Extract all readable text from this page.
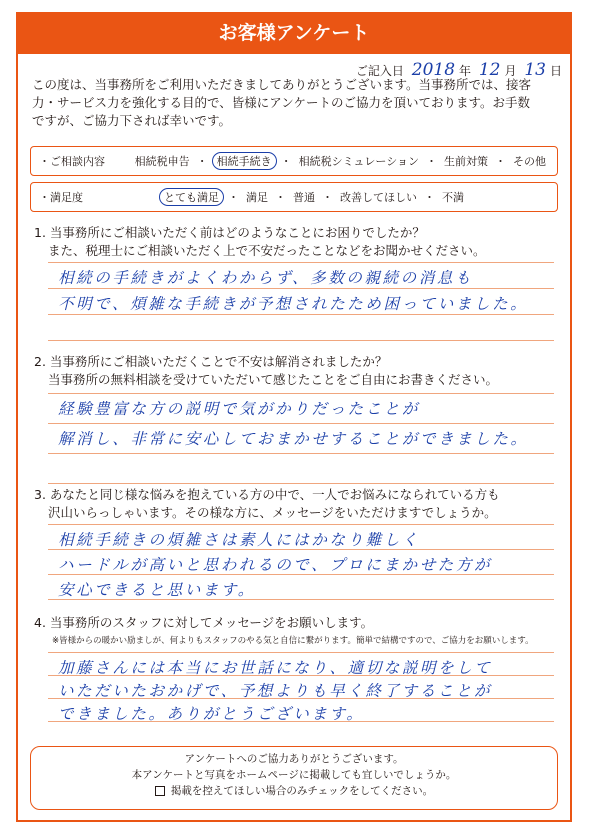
お客様アンケート
ご記入日 2018 年 12 月 13 日
この度は、当事務所をご利用いただきましてありがとうございます。当事務所では、接客
力・サービス力を強化する目的で、皆様にアンケートのご協力を頂いております。お手数
ですが、ご協力下されば幸いです。
・ご相談内容	相続税申告 ・ 相続手続き ・ 相続税シミュレーション ・ 生前対策 ・ その他
・満足度	とても満足 ・ 満足 ・ 普通 ・ 改善してほしい ・ 不満
1. 当事務所にご相談いただく前はどのようなことにお困りでしたか？
また、税理士にご相談いただく上で不安だったことなどをお聞かせください。
相続の手続きがよくわからず、多数の親続の消息も
不明で、煩雑な手続きが予想されたため困っていました。
2. 当事務所にご相談いただくことで不安は解消されましたか？
当事務所の無料相談を受けていただいて感じたことをご自由にお書きください。
経験豊富な方の説明で気がかりだったことが
解消し、非常に安心しておまかせすることができました。
3. あなたと同じ様な悩みを抱えている方の中で、一人でお悩みになられている方も
沢山いらっしゃいます。その様な方に、メッセージをいただけますでしょうか。
相続手続きの煩雑さは素人にはかなり難しく
ハードルが高いと思われるので、プロにまかせた方が
安心できると思います。
4. 当事務所のスタッフに対してメッセージをお願いします。
※皆様からの暖かい励ましが、何よりもスタッフのやる気と自信に繋がります。簡単で結構ですので、ご協力をお願いします。
加藤さんには本当にお世話になり、適切な説明をして
いただいたおかげで、予想よりも早く終了することが
できました。ありがとうございます。
アンケートへのご協力ありがとうございます。
本アンケートと写真をホームページに掲載しても宜しいでしょうか。
掲載を控えてほしい場合のみチェックをしてください。
